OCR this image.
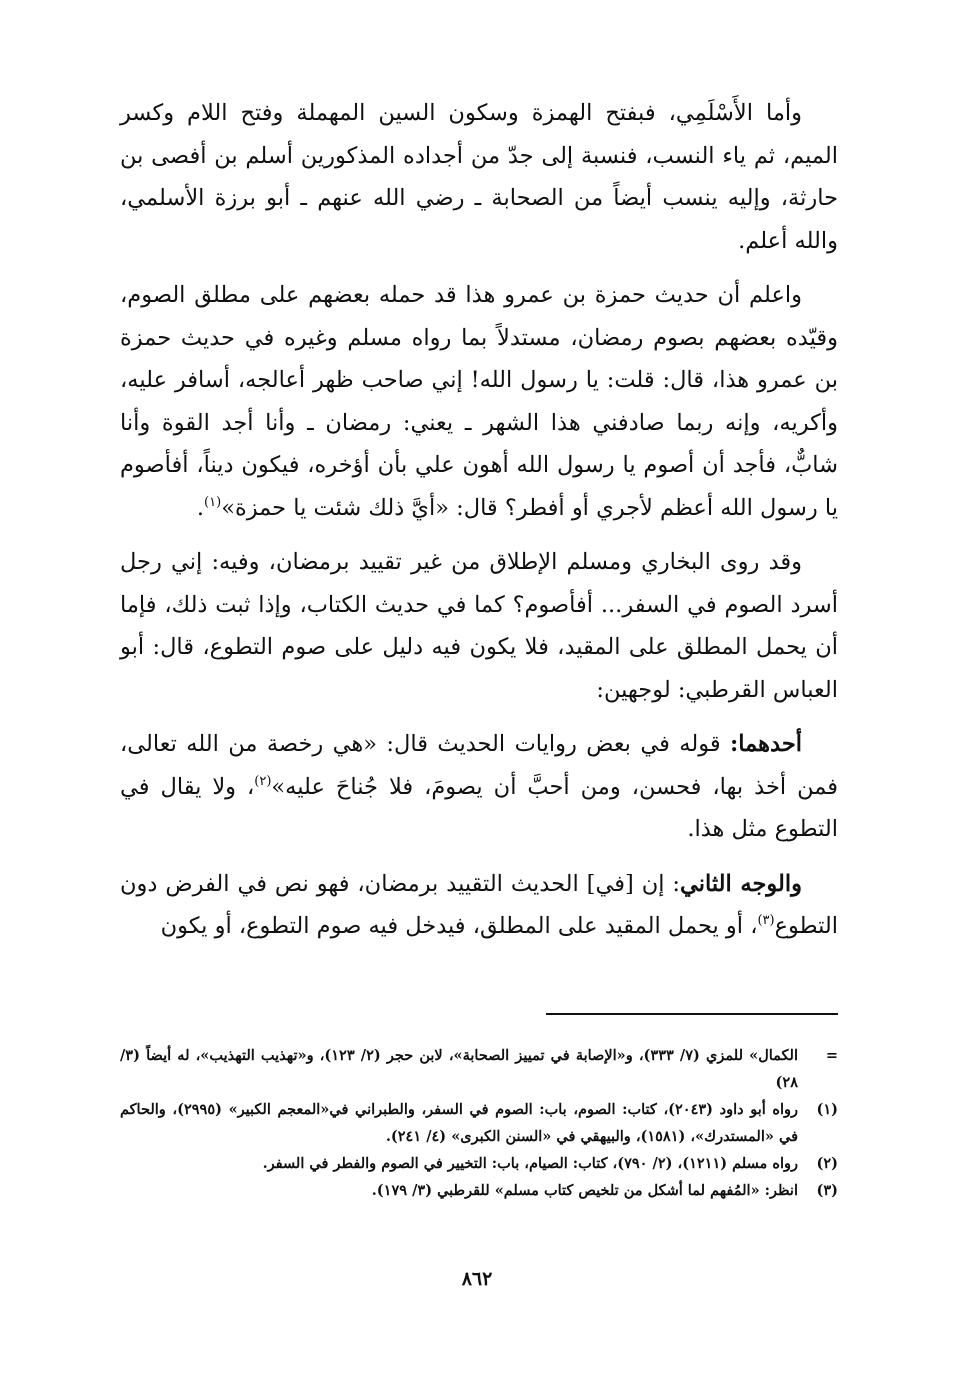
وأما الأَسْلَمِي، فبفتح الهمزة وسكون السين المهملة وفتح اللام وكسر الميم، ثم ياء النسب، فنسبة إلى جدّ من أجداده المذكورين أسلم بن أفصى بن حارثة، وإليه ينسب أيضاً من الصحابة ـ رضي الله عنهم ـ أبو برزة الأسلمي، والله أعلم.

واعلم أن حديث حمزة بن عمرو هذا قد حمله بعضهم على مطلق الصوم، وقيّده بعضهم بصوم رمضان، مستدلاً بما رواه مسلم وغيره في حديث حمزة بن عمرو هذا، قال: قلت: يا رسول الله! إني صاحب ظهر أعالجه، أسافر عليه، وأكريه، وإنه ربما صادفني هذا الشهر ـ يعني: رمضان ـ وأنا أجد القوة وأنا شابٌّ، فأجد أن أصوم يا رسول الله أهون علي بأن أؤخره، فيكون ديناً، أفأصوم يا رسول الله أعظم لأجري أو أفطر؟ قال: «أيَّ ذلك شئت يا حمزة»$^{(١)}$.

وقد روى البخاري ومسلم الإطلاق من غير تقييد برمضان، وفيه: إني رجل أسرد الصوم في السفر... أفأصوم؟ كما في حديث الكتاب، وإذا ثبت ذلك، فإما أن يحمل المطلق على المقيد، فلا يكون فيه دليل على صوم التطوع، قال: أبو العباس القرطبي: لوجهين:

أحدهما: قوله في بعض روايات الحديث قال: «هي رخصة من الله تعالى، فمن أخذ بها، فحسن، ومن أحبَّ أن يصومَ، فلا جُناحَ عليه»$^{(٢)}$، ولا يقال في التطوع مثل هذا.

والوجه الثاني: إن [في] الحديث التقييد برمضان، فهو نص في الفرض دون التطوع$^{(٣)}$، أو يحمل المقيد على المطلق، فيدخل فيه صوم التطوع، أو يكون

=
الكمال» للمزي (٧/ ٣٣٣)، و«الإصابة في تمييز الصحابة»، لابن حجر (٢/ ١٢٣)، و«تهذيب التهذيب»، له أيضاً (٣/ ٢٨)
(١)
رواه أبو داود (٢٠٤٣)، كتاب: الصوم، باب: الصوم في السفر، والطبراني في«المعجم الكبير» (٢٩٩٥)، والحاكم في «المستدرك»، (١٥٨١)، والبيهقي في «السنن الكبرى» (٤/ ٢٤١).
(٢)
رواه مسلم (١٢١١)، (٢/ ٧٩٠)، كتاب: الصيام، باب: التخيير في الصوم والفطر في السفر.
(٣)
انظر: «المُفهم لما أشكل من تلخيص كتاب مسلم» للقرطبي (٣/ ١٧٩).
٨٦٢
